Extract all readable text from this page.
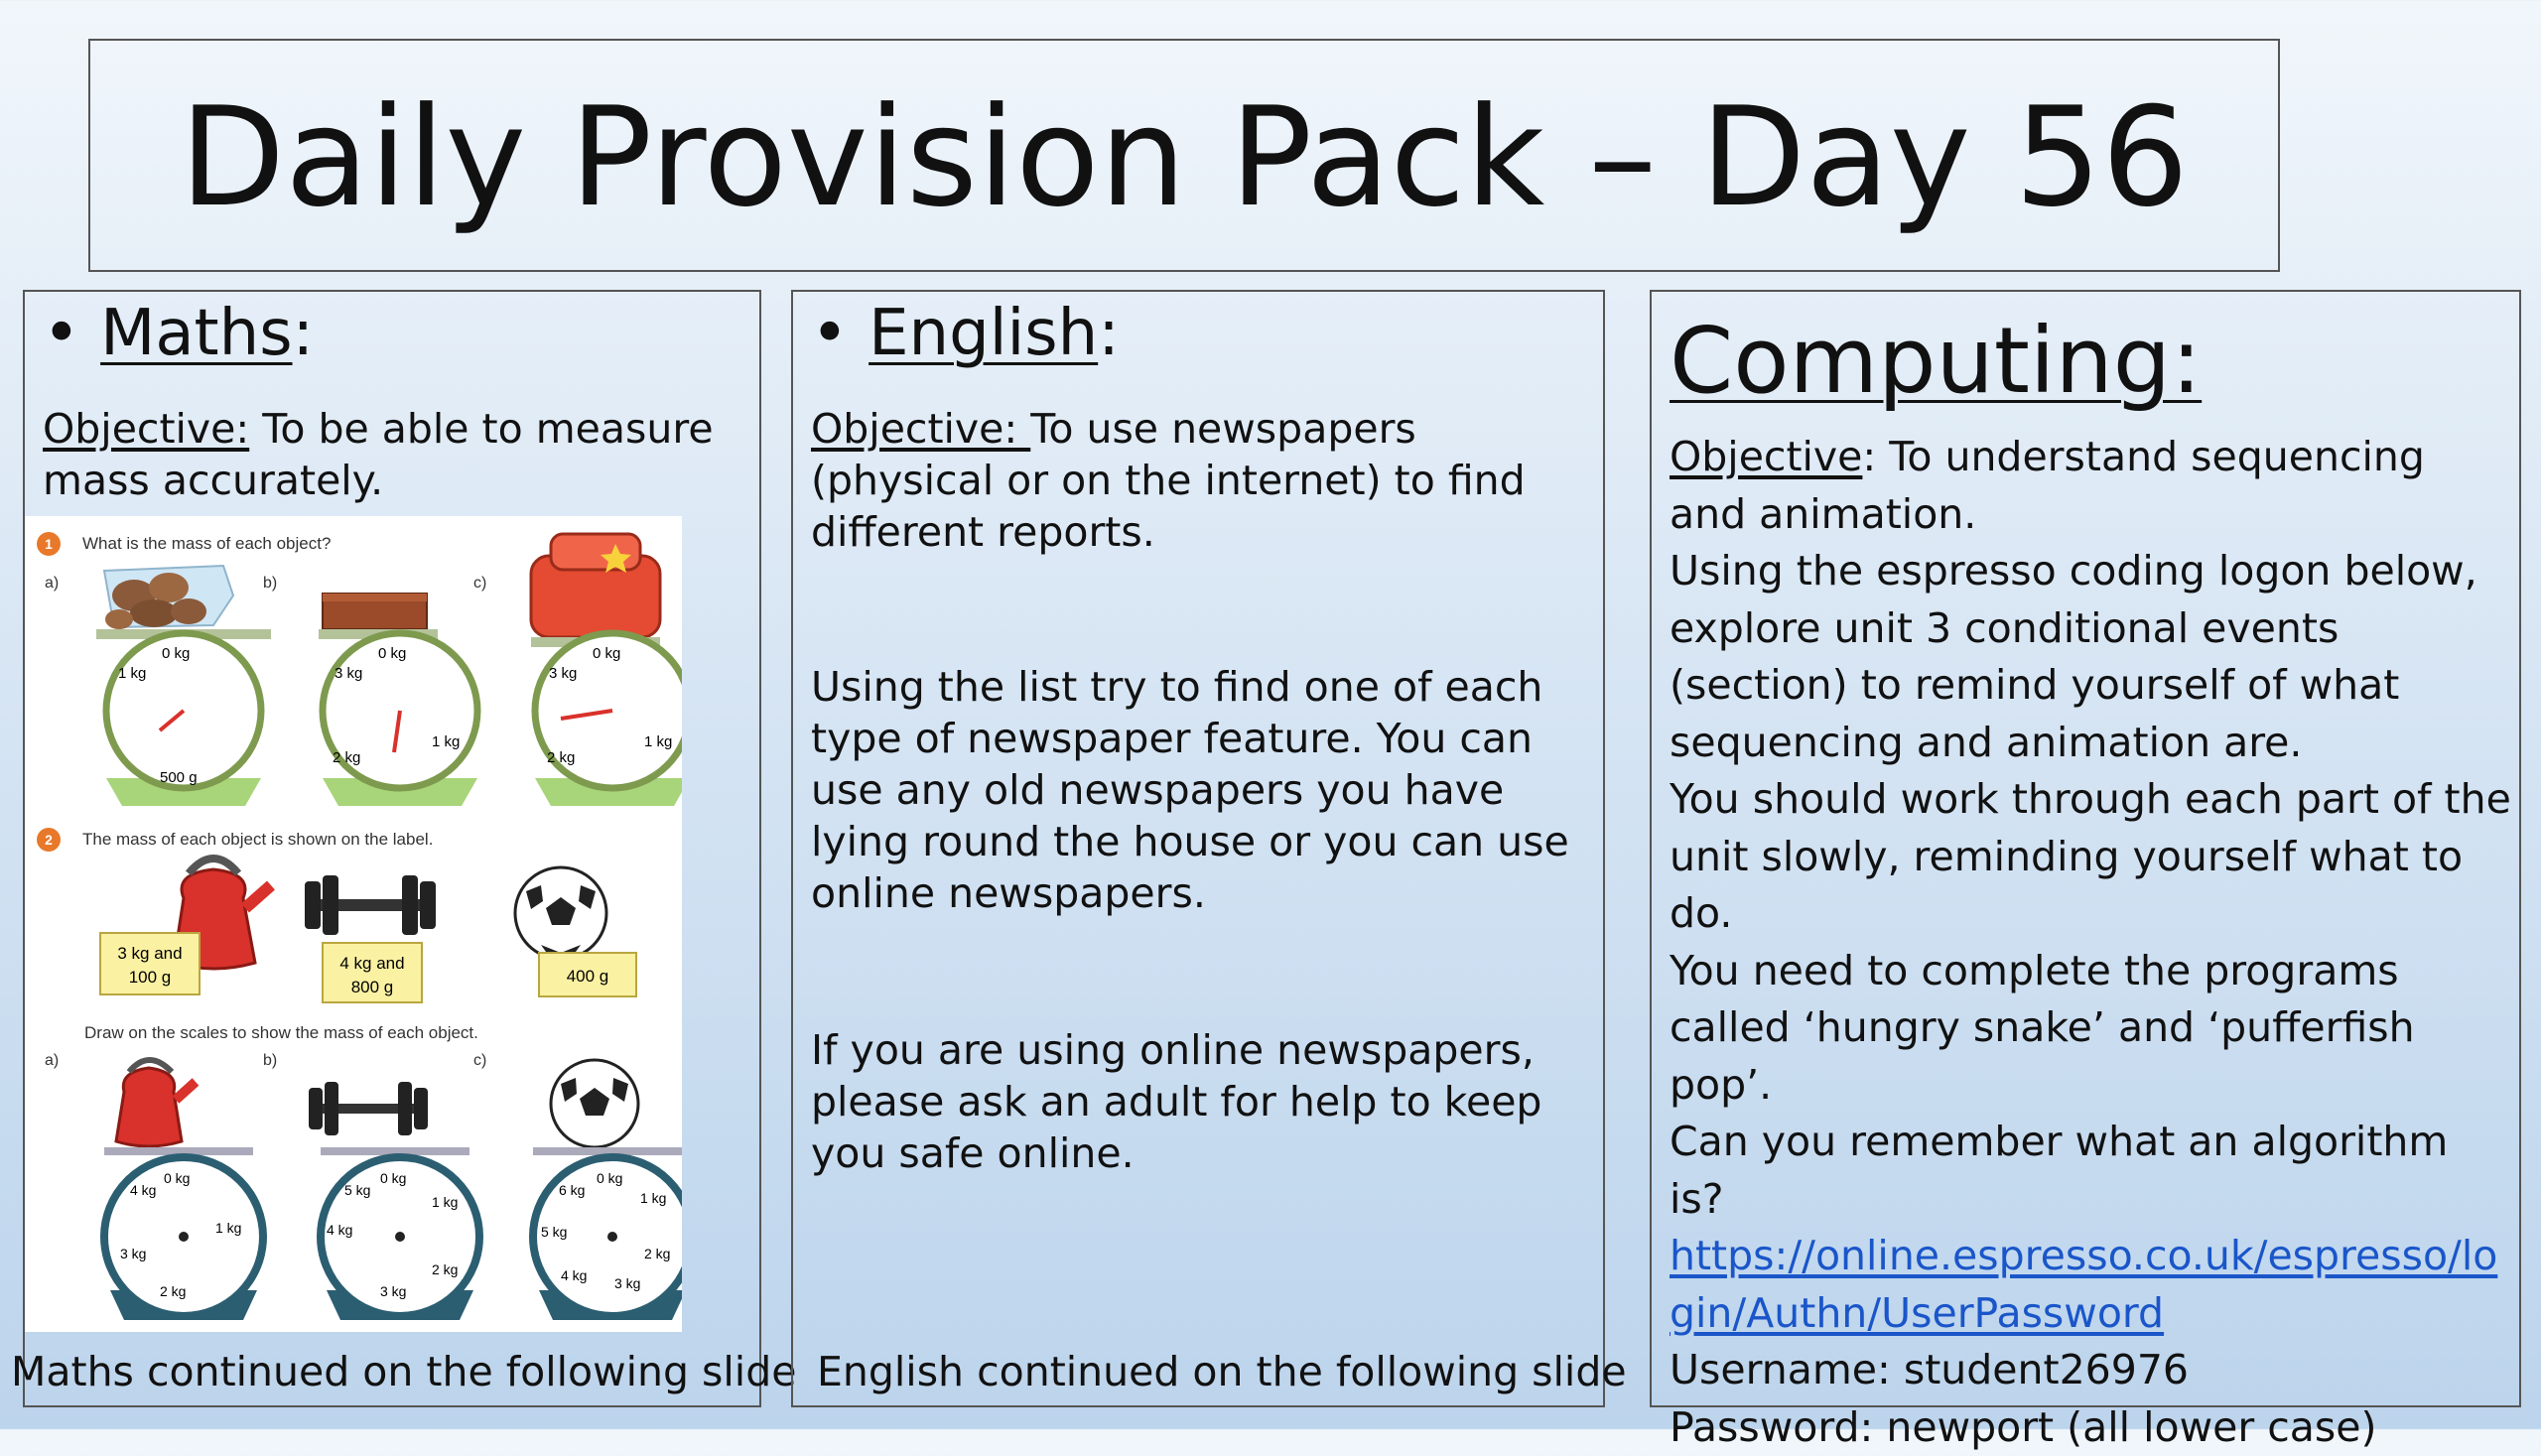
Daily Provision Pack – Day 56
• Maths:
Objective: To be able to measure mass accurately.
1 What is the mass of each object?
a)	b)	c)
0 kg
1 kg
500 g
0 kg
3 kg
1 kg
2 kg
0 kg
3 kg
1 kg
2 kg
2 The mass of each object is shown on the label.
3 kg and
100 g
4 kg and
800 g
400 g
Draw on the scales to show the mass of each object.
a)	b)	c)
0 kg
4 kg
1 kg
3 kg
2 kg
0 kg
5 kg
1 kg
4 kg
3 kg
2 kg
0 kg
6 kg	1 kg
5 kg
2 kg
4 kg 3 kg
Maths continued on the following slide
• English:
Objective: To use newspapers (physical or on the internet) to find different reports.
Using the list try to find one of each type of newspaper feature. You can use any old newspapers you have lying round the house or you can use online newspapers.
If you are using online newspapers, please ask an adult for help to keep you safe online.
English continued on the following slide
Computing:
Objective: To understand sequencing and animation.
Using the espresso coding logon below, explore unit 3 conditional events (section) to remind yourself of what sequencing and animation are.
You should work through each part of the unit slowly, reminding yourself what to do.
You need to complete the programs called ‘hungry snake’ and ‘pufferfish pop’.
Can you remember what an algorithm is?
https://online.espresso.co.uk/espresso/login/Authn/UserPassword
Username: student26976
Password: newport (all lower case)
